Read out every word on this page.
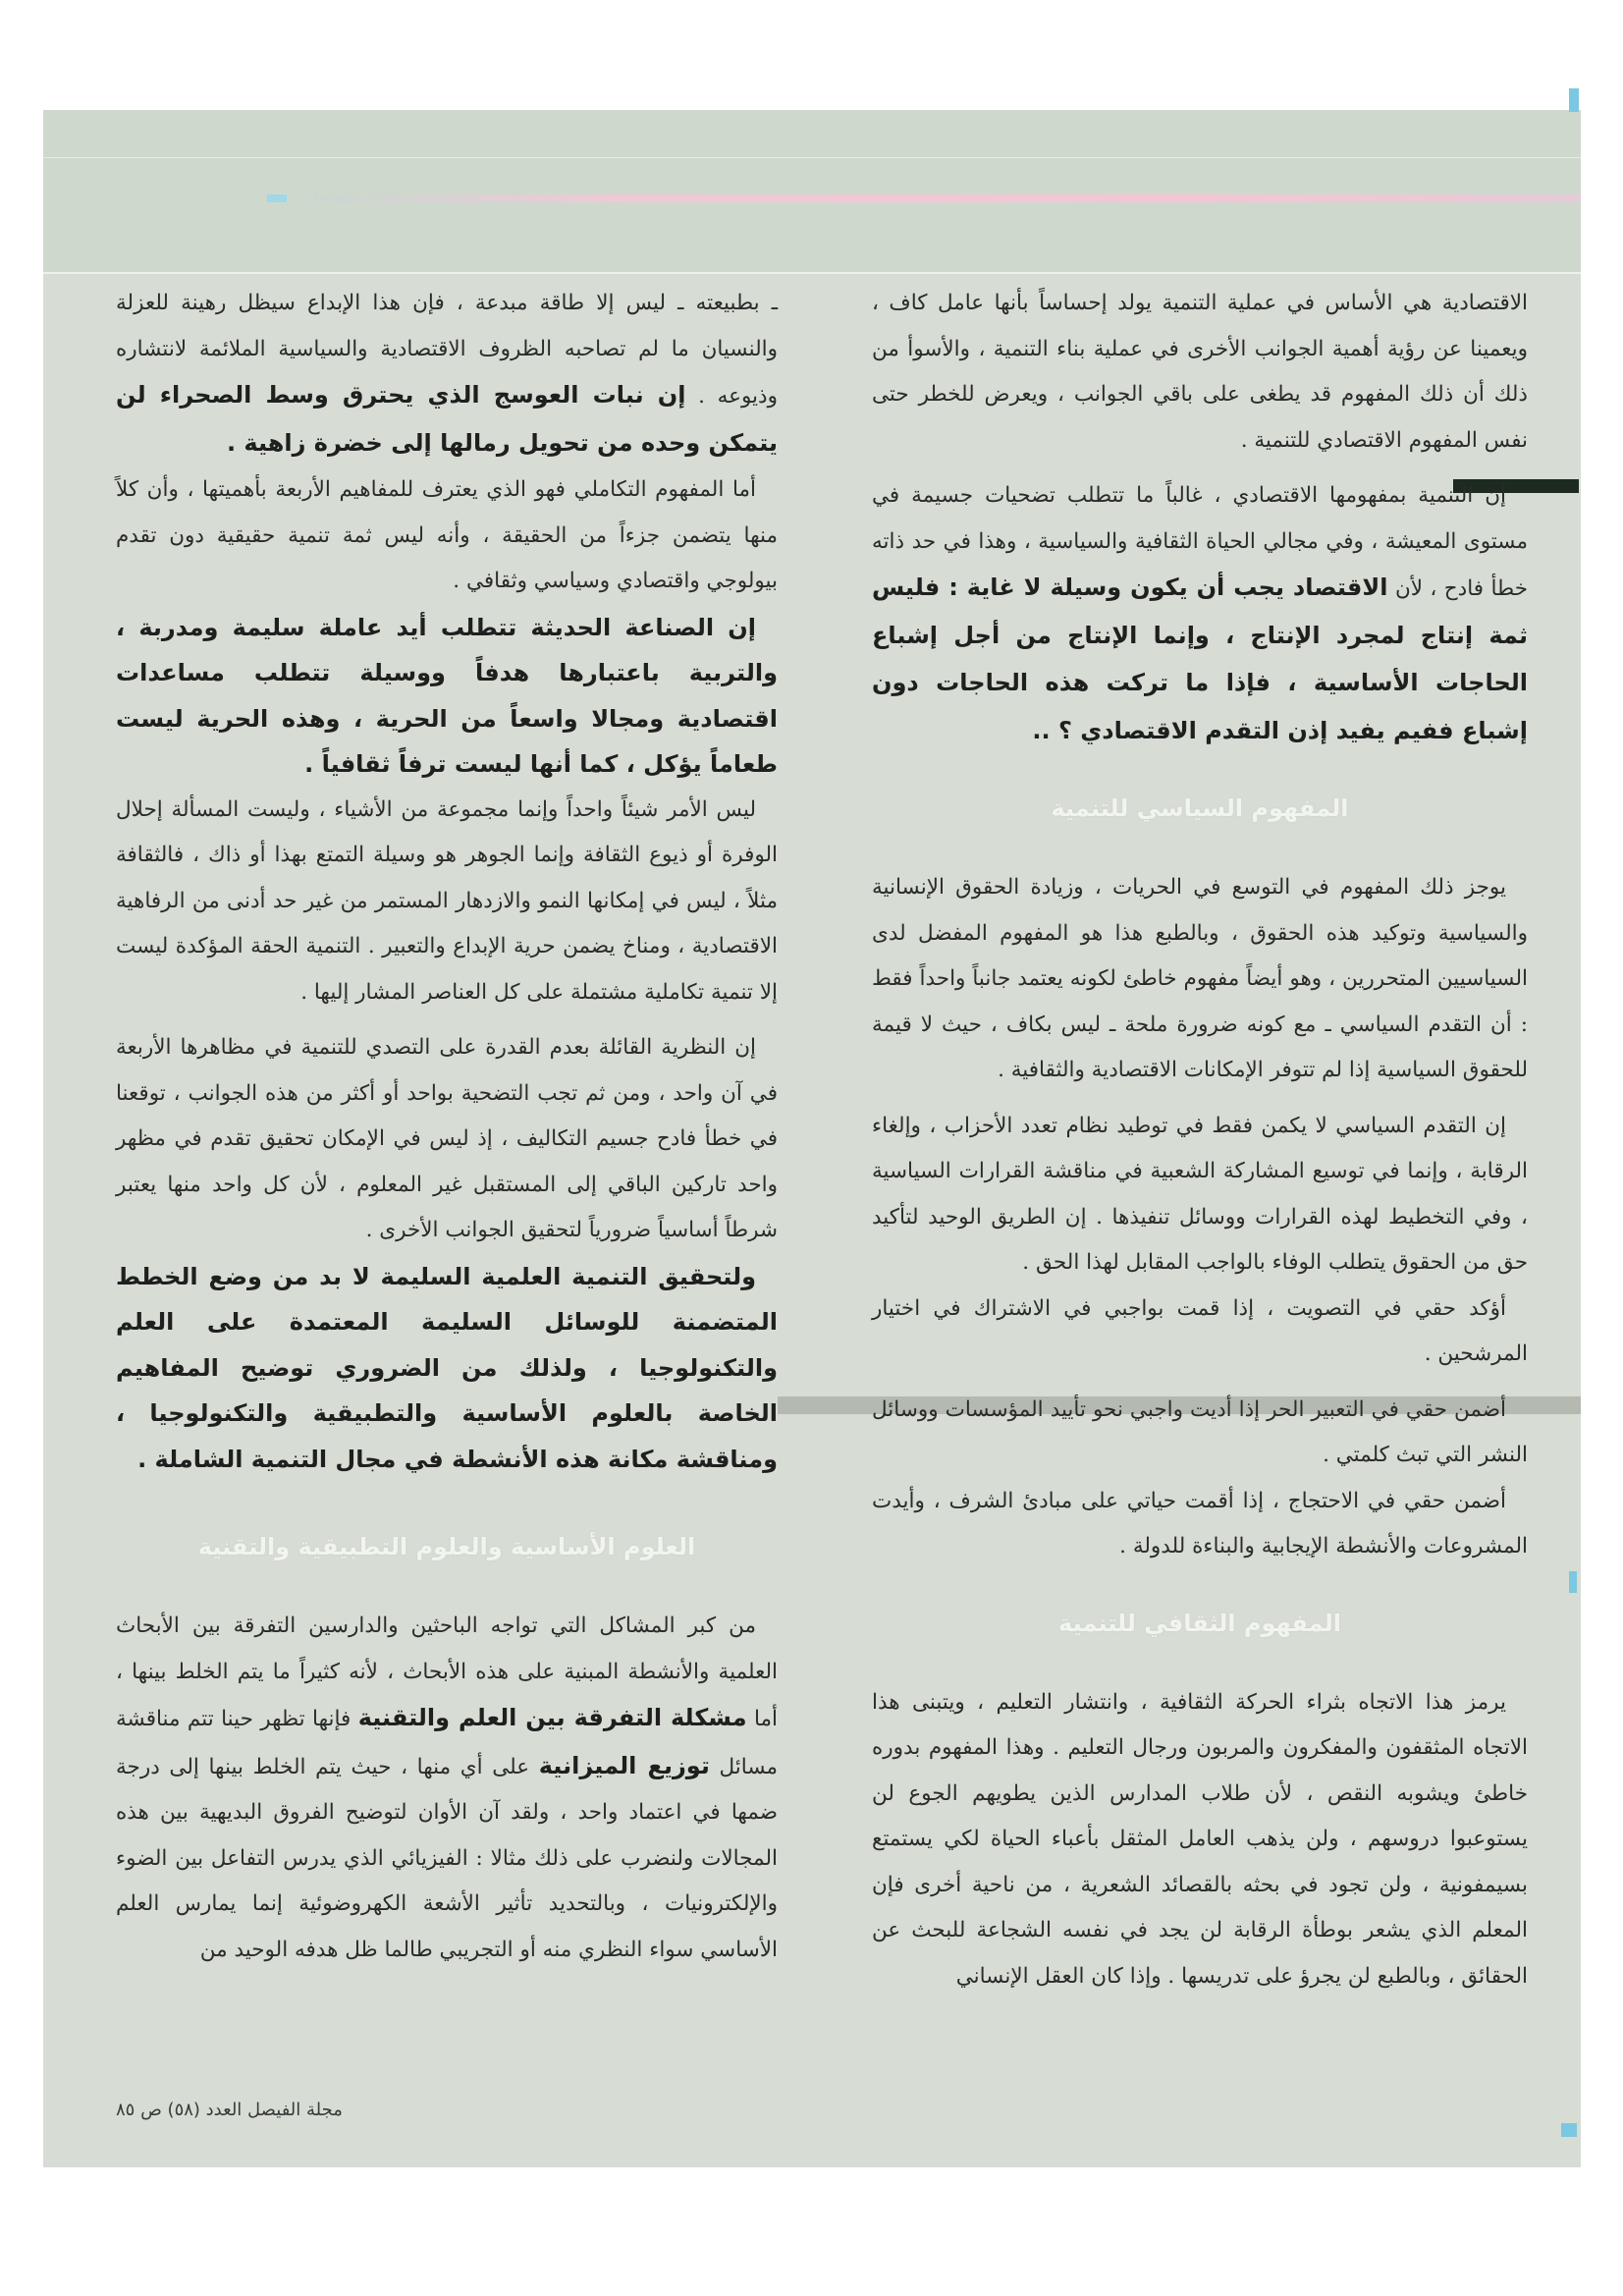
الاقتصادية هي الأساس في عملية التنمية يولد إحساساً بأنها عامل كاف ، ويعمينا عن رؤية أهمية الجوانب الأخرى في عملية بناء التنمية ، والأسوأ من ذلك أن ذلك المفهوم قد يطغى على باقي الجوانب ، ويعرض للخطر حتى نفس المفهوم الاقتصادي للتنمية .

إن التنمية بمفهومها الاقتصادي ، غالباً ما تتطلب تضحيات جسيمة في مستوى المعيشة ، وفي مجالي الحياة الثقافية والسياسية ، وهذا في حد ذاته خطأ فادح ، لأن الاقتصاد يجب أن يكون وسيلة لا غاية : فليس ثمة إنتاج لمجرد الإنتاج ، وإنما الإنتاج من أجل إشباع الحاجات الأساسية ، فإذا ما تركت هذه الحاجات دون إشباع ففيم يفيد إذن التقدم الاقتصادي ؟ ..

المفهوم السياسي للتنمية

يوجز ذلك المفهوم في التوسع في الحريات ، وزيادة الحقوق الإنسانية والسياسية وتوكيد هذه الحقوق ، وبالطبع هذا هو المفهوم المفضل لدى السياسيين المتحررين ، وهو أيضاً مفهوم خاطئ لكونه يعتمد جانباً واحداً فقط : أن التقدم السياسي ـ مع كونه ضرورة ملحة ـ ليس بكاف ، حيث لا قيمة للحقوق السياسية إذا لم تتوفر الإمكانات الاقتصادية والثقافية .

إن التقدم السياسي لا يكمن فقط في توطيد نظام تعدد الأحزاب ، وإلغاء الرقابة ، وإنما في توسيع المشاركة الشعبية في مناقشة القرارات السياسية ، وفي التخطيط لهذه القرارات ووسائل تنفيذها . إن الطريق الوحيد لتأكيد حق من الحقوق يتطلب الوفاء بالواجب المقابل لهذا الحق .

أؤكد حقي في التصويت ، إذا قمت بواجبي في الاشتراك في اختيار المرشحين .

أضمن حقي في التعبير الحر إذا أديت واجبي نحو تأييد المؤسسات ووسائل النشر التي تبث كلمتي .

أضمن حقي في الاحتجاج ، إذا أقمت حياتي على مبادئ الشرف ، وأيدت المشروعات والأنشطة الإيجابية والبناءة للدولة .

المفهوم الثقافي للتنمية

يرمز هذا الاتجاه بثراء الحركة الثقافية ، وانتشار التعليم ، ويتبنى هذا الاتجاه المثقفون والمفكرون والمربون ورجال التعليم . وهذا المفهوم بدوره خاطئ ويشوبه النقص ، لأن طلاب المدارس الذين يطويهم الجوع لن يستوعبوا دروسهم ، ولن يذهب العامل المثقل بأعباء الحياة لكي يستمتع بسيمفونية ، ولن تجود في بحثه بالقصائد الشعرية ، من ناحية أخرى فإن المعلم الذي يشعر بوطأة الرقابة لن يجد في نفسه الشجاعة للبحث عن الحقائق ، وبالطبع لن يجرؤ على تدريسها . وإذا كان العقل الإنساني

ـ بطبيعته ـ ليس إلا طاقة مبدعة ، فإن هذا الإبداع سيظل رهينة للعزلة والنسيان ما لم تصاحبه الظروف الاقتصادية والسياسية الملائمة لانتشاره وذيوعه . إن نبات العوسج الذي يحترق وسط الصحراء لن يتمكن وحده من تحويل رمالها إلى خضرة زاهية .

أما المفهوم التكاملي فهو الذي يعترف للمفاهيم الأربعة بأهميتها ، وأن كلاً منها يتضمن جزءاً من الحقيقة ، وأنه ليس ثمة تنمية حقيقية دون تقدم بيولوجي واقتصادي وسياسي وثقافي .

إن الصناعة الحديثة تتطلب أيد عاملة سليمة ومدربة ، والتربية باعتبارها هدفاً ووسيلة تتطلب مساعدات اقتصادية ومجالا واسعاً من الحرية ، وهذه الحرية ليست طعاماً يؤكل ، كما أنها ليست ترفاً ثقافياً .

ليس الأمر شيئاً واحداً وإنما مجموعة من الأشياء ، وليست المسألة إحلال الوفرة أو ذيوع الثقافة وإنما الجوهر هو وسيلة التمتع بهذا أو ذاك ، فالثقافة مثلاً ، ليس في إمكانها النمو والازدهار المستمر من غير حد أدنى من الرفاهية الاقتصادية ، ومناخ يضمن حرية الإبداع والتعبير . التنمية الحقة المؤكدة ليست إلا تنمية تكاملية مشتملة على كل العناصر المشار إليها .

إن النظرية القائلة بعدم القدرة على التصدي للتنمية في مظاهرها الأربعة في آن واحد ، ومن ثم تجب التضحية بواحد أو أكثر من هذه الجوانب ، توقعنا في خطأ فادح جسيم التكاليف ، إذ ليس في الإمكان تحقيق تقدم في مظهر واحد تاركين الباقي إلى المستقبل غير المعلوم ، لأن كل واحد منها يعتبر شرطاً أساسياً ضرورياً لتحقيق الجوانب الأخرى .

ولتحقيق التنمية العلمية السليمة لا بد من وضع الخطط المتضمنة للوسائل السليمة المعتمدة على العلم والتكنولوجيا ، ولذلك من الضروري توضيح المفاهيم الخاصة بالعلوم الأساسية والتطبيقية والتكنولوجيا ، ومناقشة مكانة هذه الأنشطة في مجال التنمية الشاملة .

العلوم الأساسية والعلوم التطبيقية والتقنية

من كبر المشاكل التي تواجه الباحثين والدارسين التفرقة بين الأبحاث العلمية والأنشطة المبنية على هذه الأبحاث ، لأنه كثيراً ما يتم الخلط بينها ، أما مشكلة التفرقة بين العلم والتقنية فإنها تظهر حينا تتم مناقشة مسائل توزيع الميزانية على أي منها ، حيث يتم الخلط بينها إلى درجة ضمها في اعتماد واحد ، ولقد آن الأوان لتوضيح الفروق البديهية بين هذه المجالات ولنضرب على ذلك مثالا : الفيزيائي الذي يدرس التفاعل بين الضوء والإلكترونيات ، وبالتحديد تأثير الأشعة الكهروضوئية إنما يمارس العلم الأساسي سواء النظري منه أو التجريبي طالما ظل هدفه الوحيد من

مجلة الفيصل العدد (٥٨) ص ٨٥
